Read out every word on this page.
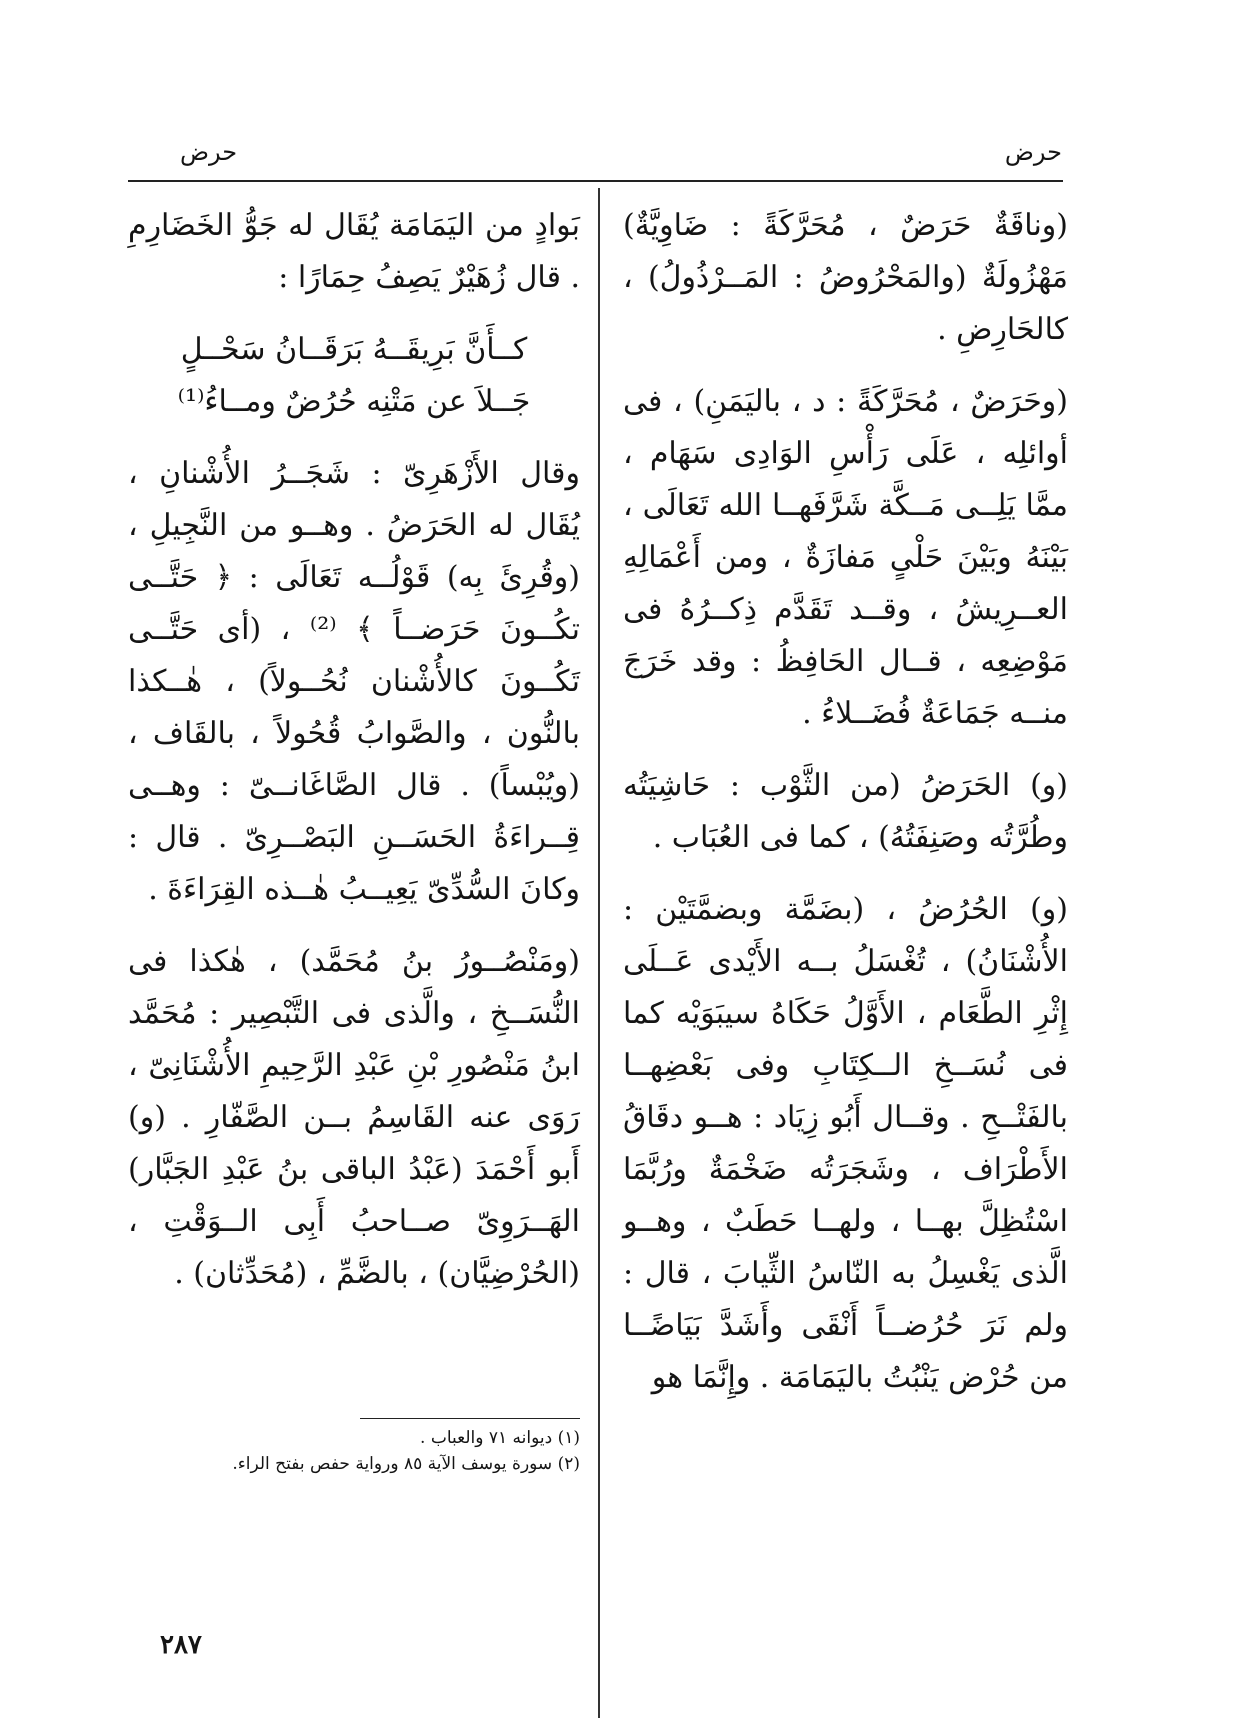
حرض
حرض

(وناقَةٌ حَرَضٌ ، مُحَرَّكَةً : ضَاوِيَّةٌ) مَهْزُولَةٌ (والمَحْرُوضُ : المَــرْذُولُ) ، كالحَارِضِ .

(وحَرَضٌ ، مُحَرَّكَةً : د ، باليَمَنِ) ، فى أوائلِه ، عَلَى رَأْسِ الوَادِى سَهَام ، ممَّا يَلِــى مَــكَّة شَرَّفَهــا الله تَعَالَى ، بَيْنَهُ وبَيْنَ حَلْىٍ مَفازَةٌ ، ومن أَعْمَالِهِ العــرِيشُ ، وقــد تَقَدَّم ذِكــرُهُ فى مَوْضِعِه ، قــال الحَافِظُ : وقد خَرَجَ منــه جَمَاعَةٌ فُضَــلاءُ .

(و) الحَرَضُ (من الثَّوْب : حَاشِيَتُه وطُرَّتُه وصَنِفَتُهُ) ، كما فى العُبَاب .

(و) الحُرُضُ ، (بضَمَّة وبضمَّتَيْن : الأُشْنَانُ) ، تُغْسَلُ بــه الأَيْدى عَــلَى إِثْرِ الطَّعَام ، الأَوَّلُ حَكَاهُ سيبَوَيْه كما فى نُسَــخِ الــكِتَابِ وفى بَعْضِهــا بالفَتْــحِ . وقــال أَبُو زِيَاد : هــو دقَاقُ الأَطْرَاف ، وشَجَرَتُه ضَخْمَةٌ ورُبَّمَا اسْتُظِلَّ بهــا ، ولهــا حَطَبٌ ، وهــو الَّذى يَغْسِلُ به النّاسُ الثِّيابَ ، قال : ولم نَرَ حُرُضــاً أَنْقَى وأَشَدَّ بَيَاضًــا من حُرْض يَنْبُتُ باليَمَامَة . وإِنَّمَا هو

بَوادٍ من اليَمَامَة يُقَال له جَوُّ الخَضَارِمِ . قال زُهَيْرٌ يَصِفُ حِمَارًا :

كــأَنَّ بَرِيقَــهُ بَرَقَــانُ سَحْــلٍ

جَــلاَ عن مَتْنِه حُرُضٌ ومــاءُ⁽¹⁾

وقال الأَزْهَرِىّ : شَجَــرُ الأُشْنانِ ، يُقَال له الحَرَضُ . وهــو من النَّجِيلِ ، (وقُرِئَ بِه) قَوْلُــه تَعَالَى : ﴿ حَتَّــى تكُــونَ حَرَضــاً ﴾ ⁽²⁾ ، (أى حَتَّــى تَكُــونَ كالأُشْنان نُحُــولاً) ، هٰــكذا بالنُّون ، والصَّوابُ قُحُولاً ، بالقَاف ، (ويُبْساً) . قال الصَّاغَانــىّ : وهــى قِــراءَةُ الحَسَــنِ البَصْــرِىّ . قال : وكانَ السُّدِّىّ يَعِيــبُ هٰــذه القِرَاءَةَ .

(ومَنْصُــورُ بنُ مُحَمَّد) ، هٰكذا فى النُّسَــخِ ، والَّذى فى التَّبْصِير : مُحَمَّد ابنُ مَنْصُورِ بْنِ عَبْدِ الرَّحِيمِ الأُشْنَانِىّ ، رَوَى عنه القَاسِمُ بــن الصَّفّارِ . (و) أَبو أَحْمَدَ (عَبْدُ الباقى بنُ عَبْدِ الجَبَّار) الهَــرَوِىّ صــاحبُ أَبِى الــوَقْتِ ، (الحُرْضِيَّان) ، بالضَّمِّ ، (مُحَدِّثان) .

(١) ديوانه ٧١ والعباب .

(٢) سورة يوسف الآية ٨٥ ورواية حفص بفتح الراء.

٢٨٧
